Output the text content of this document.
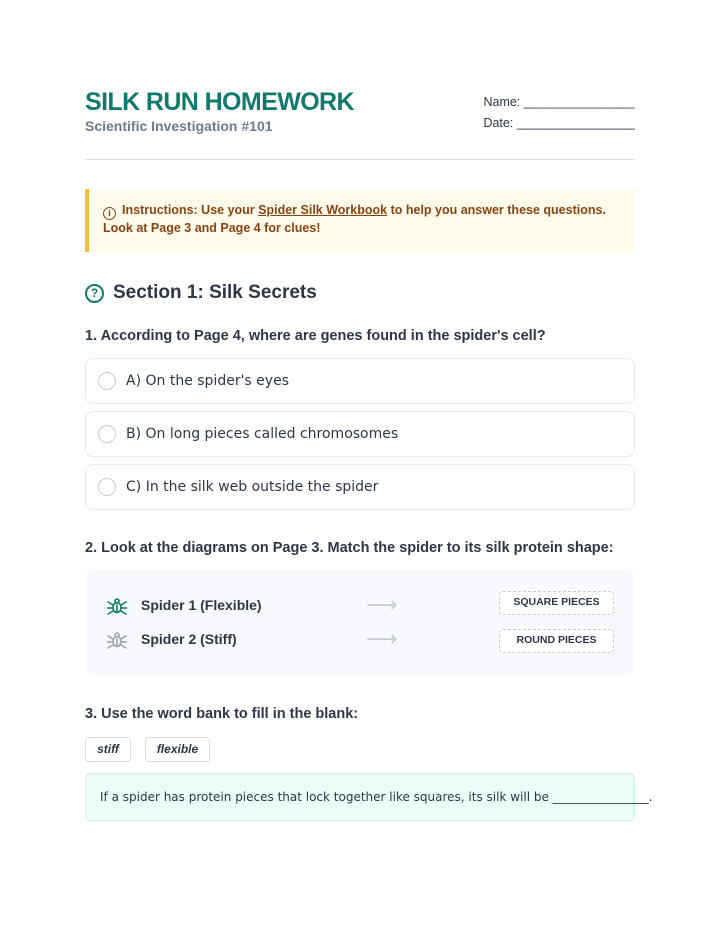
SILK RUN HOMEWORK
Scientific Investigation #101
Name: ________________
Date: _________________
i Instructions: Use your Spider Silk Workbook to help you answer these questions. Look at Page 3 and Page 4 for clues!
? Section 1: Silk Secrets
1. According to Page 4, where are genes found in the spider's cell?
A) On the spider's eyes
B) On long pieces called chromosomes
C) In the silk web outside the spider
2. Look at the diagrams on Page 3. Match the spider to its silk protein shape:
Spider 1 (Flexible)	⟶	SQUARE PIECES
Spider 2 (Stiff)	⟶	ROUND PIECES
3. Use the word bank to fill in the blank:
stiff	flexible
If a spider has protein pieces that lock together like squares, its silk will be ________________.
